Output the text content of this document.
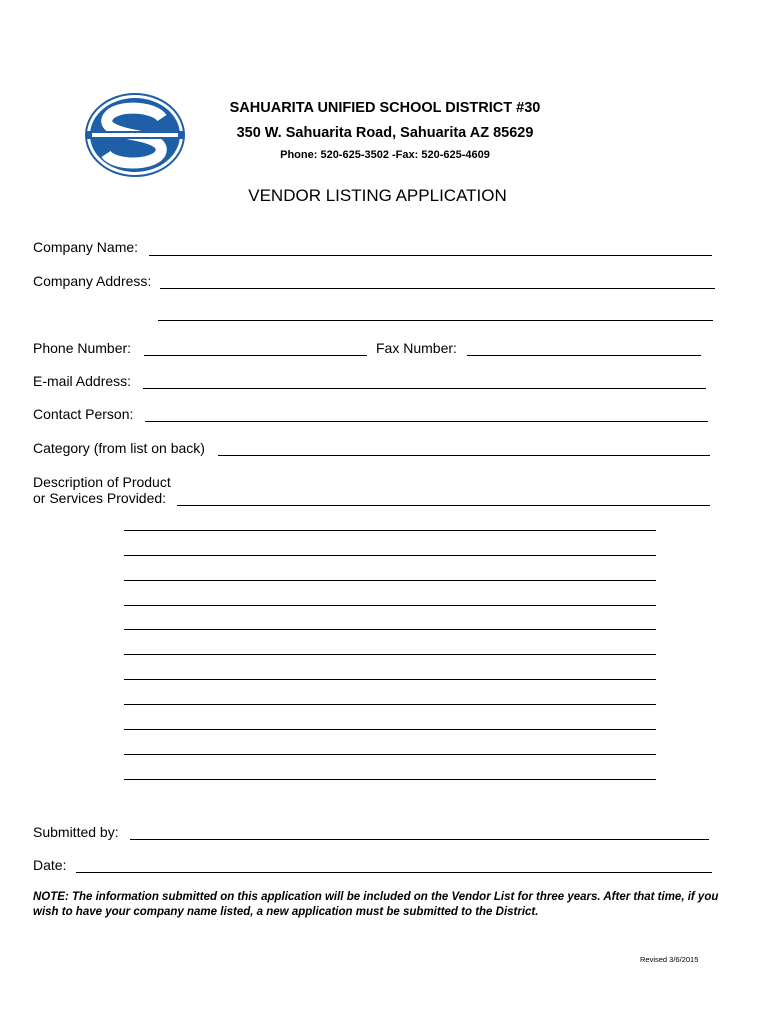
SAHUARITA UNIFIED SCHOOL DISTRICT #30
350 W. Sahuarita Road, Sahuarita AZ 85629
Phone: 520-625-3502 -Fax: 520-625-4609
VENDOR LISTING APPLICATION
Company Name:
Company Address:
Phone Number:	Fax Number:
E-mail Address:
Contact Person:
Category (from list on back)
Description of Product
or Services Provided:
Submitted by:
Date:
NOTE: The information submitted on this application will be included on the Vendor List for three years. After that time, if you wish to have your company name listed, a new application must be submitted to the District.
Revised 3/6/2015
